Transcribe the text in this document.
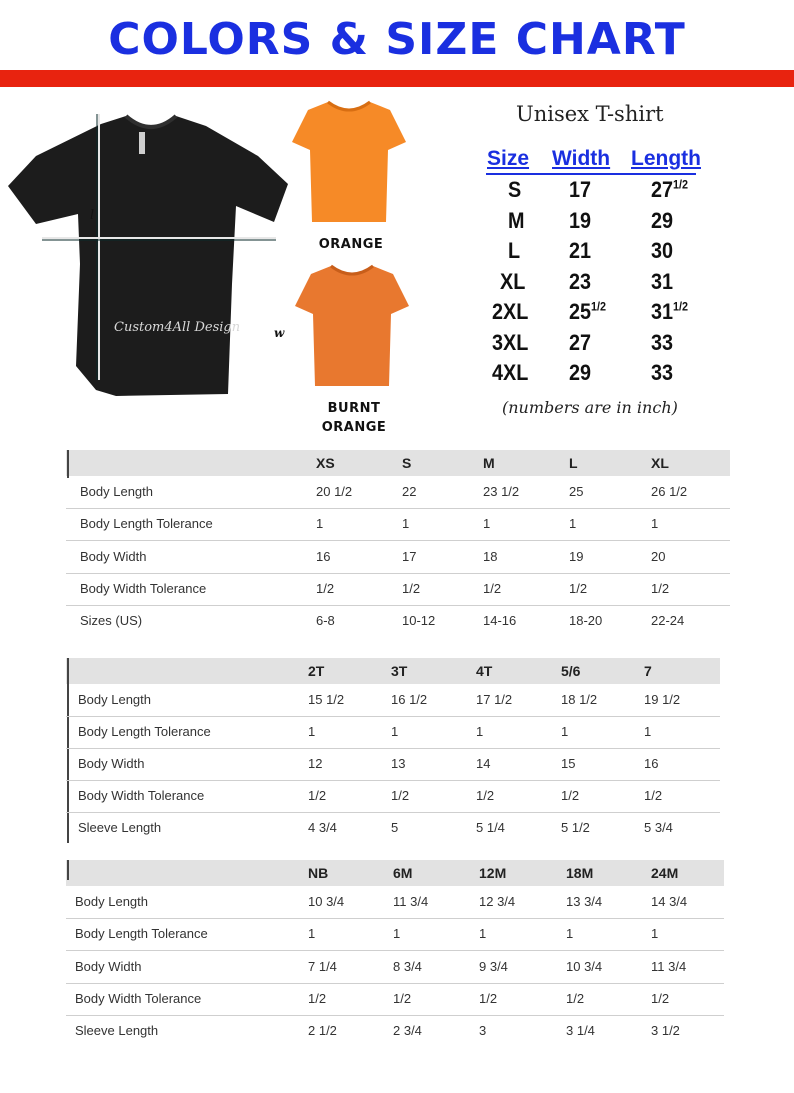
COLORS & SIZE CHART
Custom4All Design
l
w
ORANGE
BURNT
ORANGE
Unisex T-shirt
Size Width Length
S 17	$27^{1/2}$
M 19	29
L 21	30
XL 23	31
2XL $25^{1/2}$ $31^{1/2}$
3XL 27	33
4XL 29	33
(numbers are in inch)
XS	S	M	L	XL
Body Length	20 1/2	22	23 1/2	25	26 1/2
Body Length Tolerance	1	1	1	1	1
Body Width	16	17	18	19	20
Body Width Tolerance	1/2	1/2	1/2	1/2	1/2
Sizes (US)	6-8	10-12	14-16	18-20	22-24
2T	3T	4T	5/6	7
Body Length	15 1/2	16 1/2	17 1/2	18 1/2	19 1/2
Body Length Tolerance	1	1	1	1	1
Body Width	12	13	14	15	16
Body Width Tolerance	1/2	1/2	1/2	1/2	1/2
Sleeve Length	4 3/4	5	5 1/4	5 1/2	5 3/4
NB	6M	12M	18M	24M
Body Length	10 3/4	11 3/4	12 3/4	13 3/4	14 3/4
Body Length Tolerance	1	1	1	1	1
Body Width	7 1/4	8 3/4	9 3/4	10 3/4	11 3/4
Body Width Tolerance	1/2	1/2	1/2	1/2	1/2
Sleeve Length	2 1/2	2 3/4	3	3 1/4	3 1/2
